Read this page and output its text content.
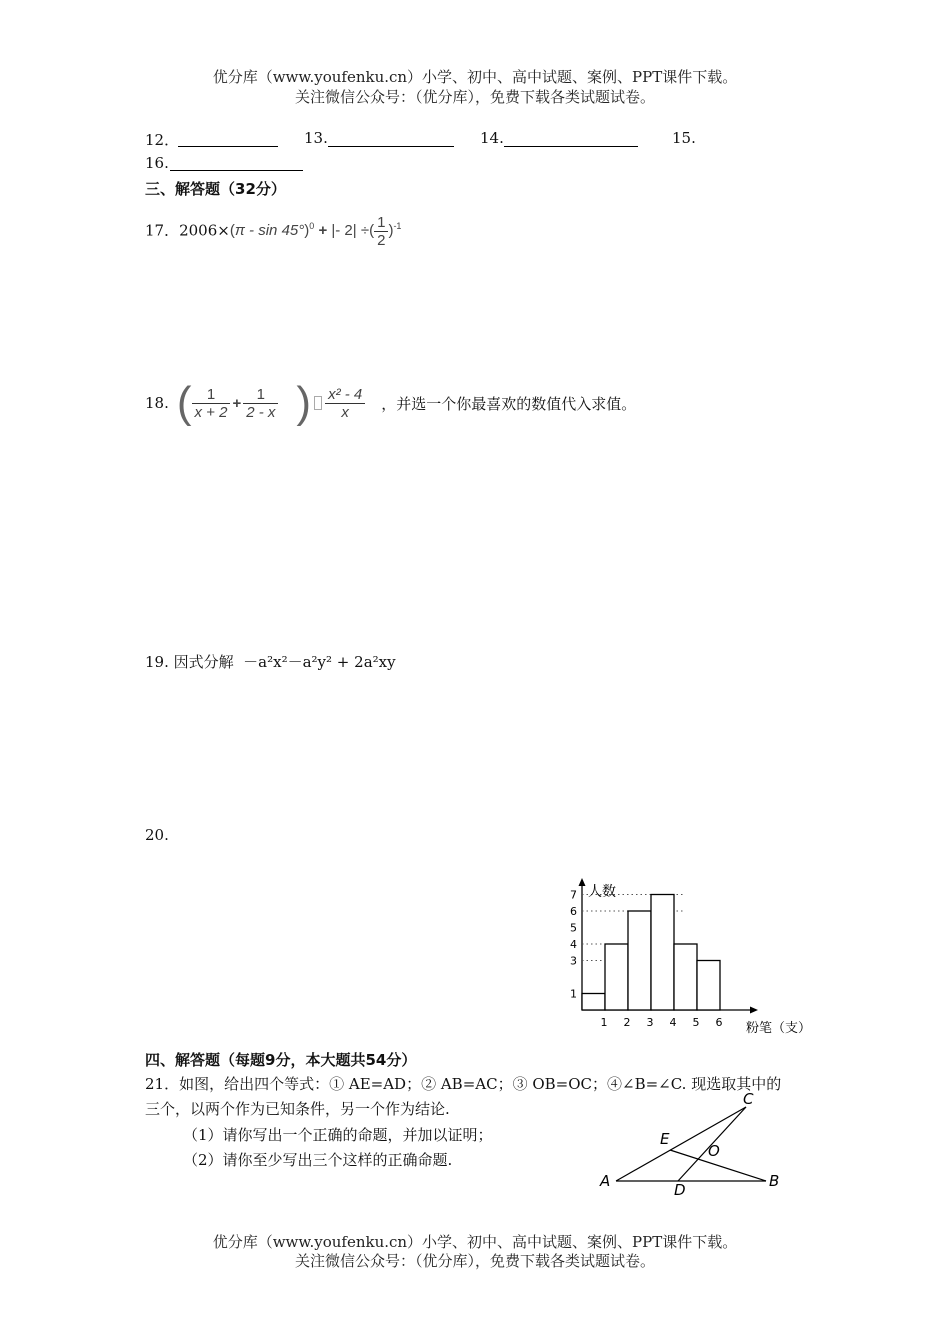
优分库（www.youfenku.cn）小学、初中、高中试题、案例、PPT课件下载。
关注微信公众号：（优分库），免费下载各类试题试卷。
12．	13.	14.	15.
16.
三、解答题（32分）
17．2006×(π - sin 45°)$^0$ + |- 2| ÷( $\frac{1}{2} )^{-1}$
18. ( $\frac{1}{x + 2} + \frac{1}{2 - x}$ ) $\frac{\text{x² - 4}}{x}$ ，并选一个你最喜欢的数值代入求值。
19. 因式分解 －a²x²－a²y² + 2a²xy
20.
1 2 3 4 5 6
1
3
4
5
6
7 人数
粉笔（支）
四、解答题（每题9分，本大题共54分）
21．如图，给出四个等式：① AE=AD；② AB=AC；③ OB=OC；④∠B=∠C. 现选取其中的
三个，以两个作为已知条件，另一个作为结论.
（1）请你写出一个正确的命题，并加以证明；
（2）请你至少写出三个这样的正确命题.
A	B
C
D
E
O
优分库（www.youfenku.cn）小学、初中、高中试题、案例、PPT课件下载。
关注微信公众号：（优分库），免费下载各类试题试卷。
